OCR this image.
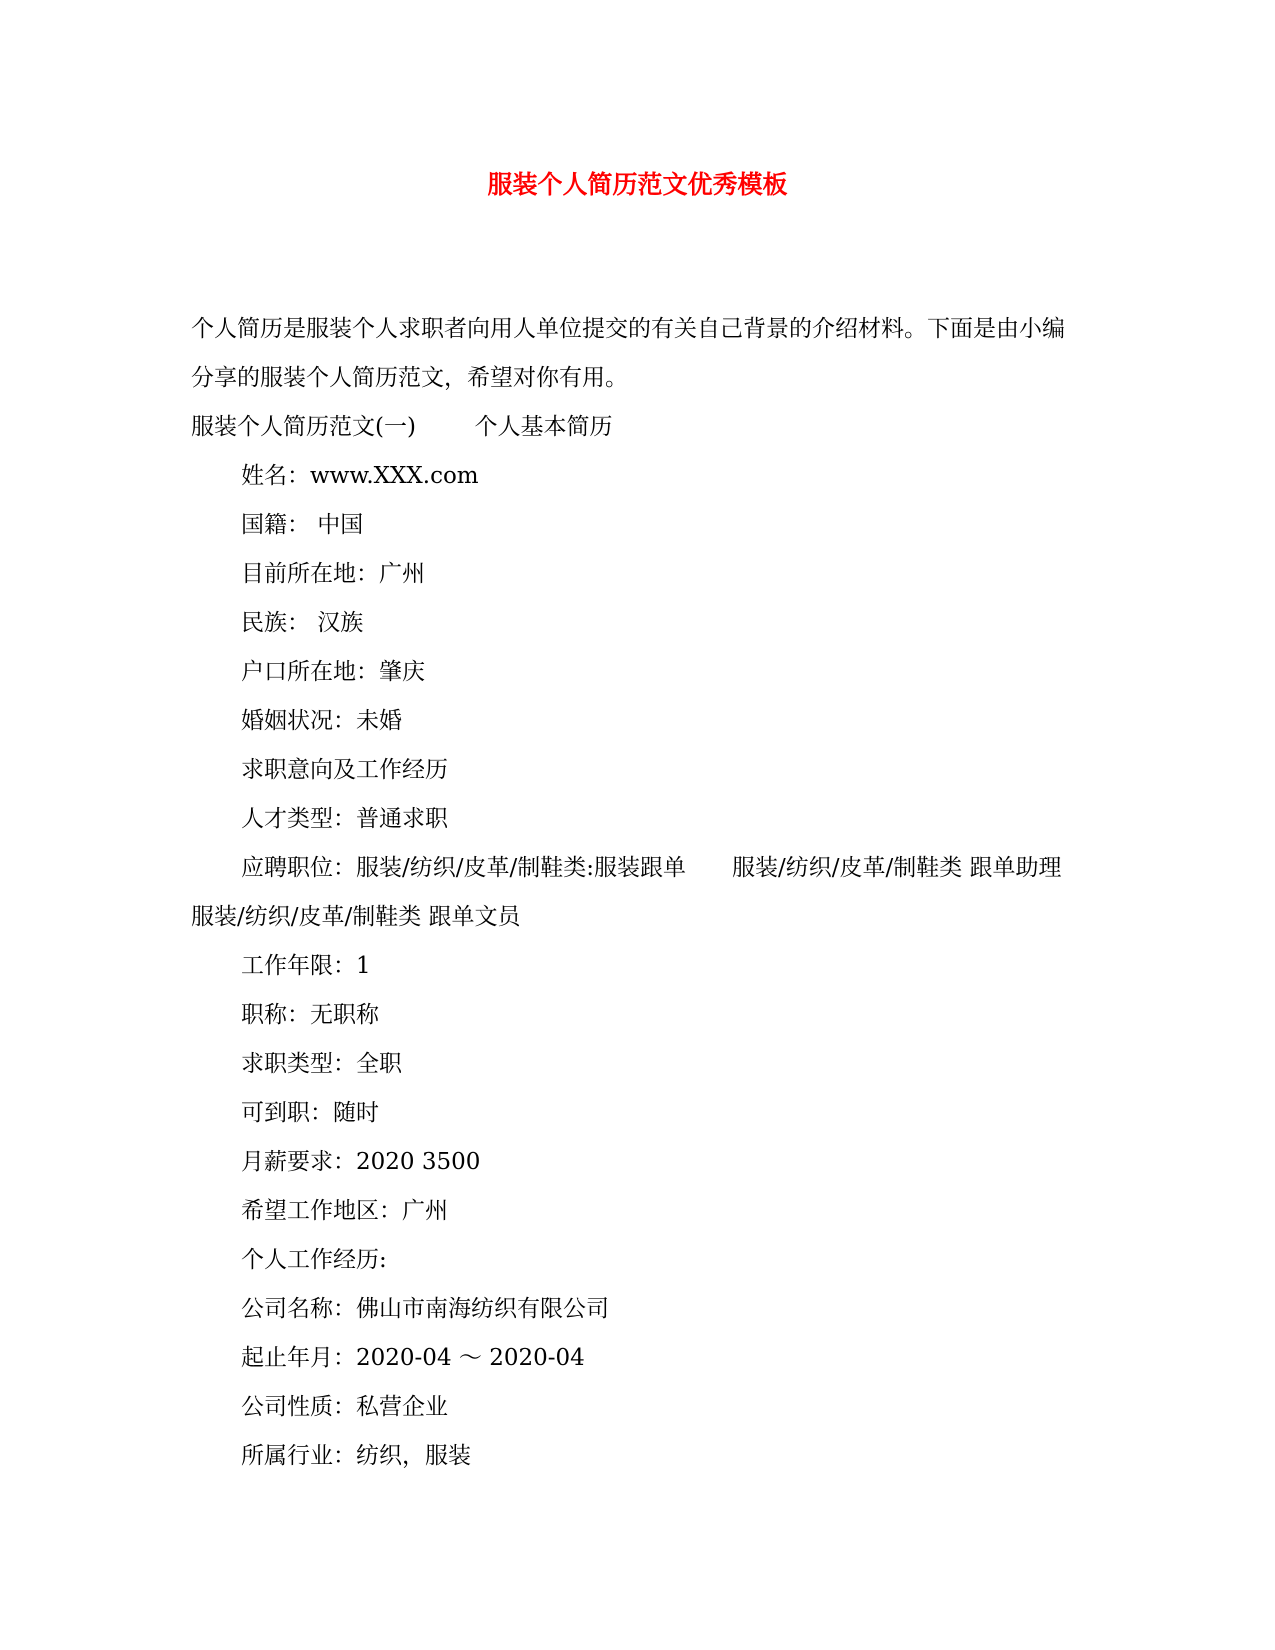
服装个人简历范文优秀模板

个人简历是服装个人求职者向用人单位提交的有关自己背景的介绍材料。下面是由小编分享的服装个人简历范文，希望对你有用。

服装个人简历范文(一)	个人基本简历

姓名：www.XXX.com

国籍： 中国

目前所在地：广州

民族： 汉族

户口所在地：肇庆

婚姻状况：未婚

求职意向及工作经历

人才类型：普通求职

应聘职位：服装/纺织/皮革/制鞋类:服装跟单　　服装/纺织/皮革/制鞋类 跟单助理　　服装/纺织/皮革/制鞋类 跟单文员

工作年限：1

职称：无职称

求职类型：全职

可到职：随时

月薪要求：2020 3500

希望工作地区：广州

个人工作经历:

公司名称：佛山市南海纺织有限公司

起止年月：2020-04 ～ 2020-04

公司性质：私营企业

所属行业：纺织，服装
